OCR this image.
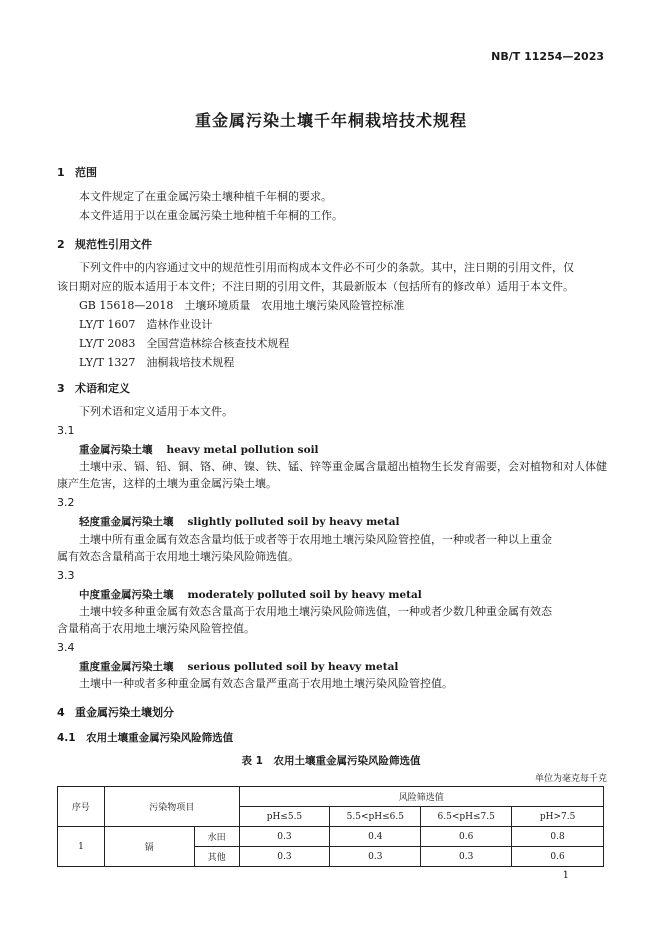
NB/T 11254—2023
重金属污染土壤千年桐栽培技术规程
1 范围
本文件规定了在重金属污染土壤种植千年桐的要求。
本文件适用于以在重金属污染土地种植千年桐的工作。
2 规范性引用文件
下列文件中的内容通过文中的规范性引用而构成本文件必不可少的条款。其中，注日期的引用文件，仅
该日期对应的版本适用于本文件；不注日期的引用文件，其最新版本（包括所有的修改单）适用于本文件。
GB 15618—2018　 土壤环境质量　农用地土壤污染风险管控标准
LY/T 1607　 造林作业设计
LY/T 2083　 全国营造林综合核查技术规程
LY/T 1327　 油桐栽培技术规程
3 术语和定义
下列术语和定义适用于本文件。
3.1
重金属污染土壤 heavy metal pollution soil
土壤中汞、镉、铅、铜、铬、砷、镍、铁、锰、锌等重金属含量超出植物生长发育需要，会对植物和对人体健
康产生危害，这样的土壤为重金属污染土壤。
3.2
轻度重金属污染土壤 slightly polluted soil by heavy metal
土壤中所有重金属有效态含量均低于或者等于农用地土壤污染风险管控值，一种或者一种以上重金
属有效态含量稍高于农用地土壤污染风险筛选值。
3.3
中度重金属污染土壤 moderately polluted soil by heavy metal
土壤中较多种重金属有效态含量高于农用地土壤污染风险筛选值，一种或者少数几种重金属有效态
含量稍高于农用地土壤污染风险管控值。
3.4
重度重金属污染土壤 serious polluted soil by heavy metal
土壤中一种或者多种重金属有效态含量严重高于农用地土壤污染风险管控值。
4 重金属污染土壤划分
4.1　 农用土壤重金属污染风险筛选值
表 1　农用土壤重金属污染风险筛选值
单位为毫克每千克
序号	污染物项目		风险筛选值			
			pH≤5.5	5.5<pH≤6.5	6.5<pH≤7.5	pH>7.5
1	镉	水田	0.3	0.4	0.6	0.8
		其他	0.3	0.3	0.3	0.6
1
